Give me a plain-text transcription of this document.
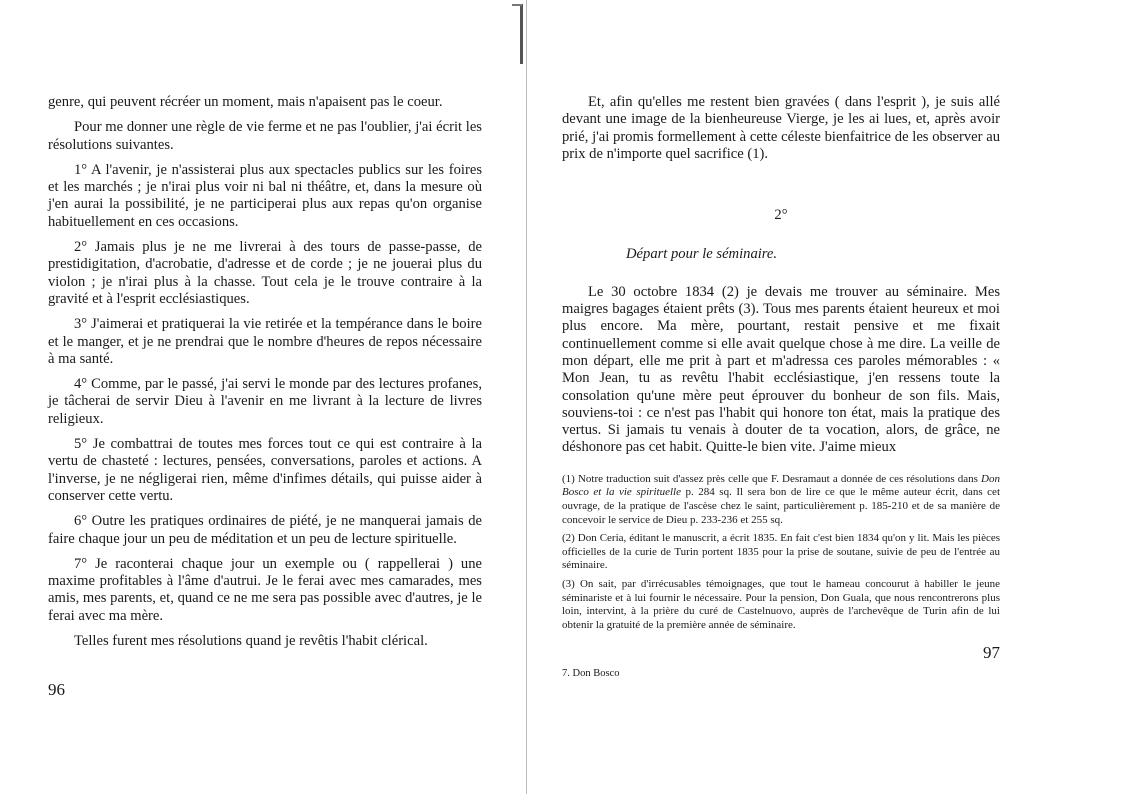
genre, qui peuvent récréer un moment, mais n'apaisent pas le coeur.

Pour me donner une règle de vie ferme et ne pas l'oublier, j'ai écrit les résolutions suivantes.

1° A l'avenir, je n'assisterai plus aux spectacles publics sur les foires et les marchés ; je n'irai plus voir ni bal ni théâtre, et, dans la mesure où j'en aurai la possibilité, je ne participerai plus aux repas qu'on organise habituellement en ces occasions.

2° Jamais plus je ne me livrerai à des tours de passe-passe, de prestidigitation, d'acrobatie, d'adresse et de corde ; je ne jouerai plus du violon ; je n'irai plus à la chasse. Tout cela je le trouve contraire à la gravité et à l'esprit ecclésiastiques.

3° J'aimerai et pratiquerai la vie retirée et la tempérance dans le boire et le manger, et je ne prendrai que le nombre d'heures de repos nécessaire à ma santé.

4° Comme, par le passé, j'ai servi le monde par des lectures profanes, je tâcherai de servir Dieu à l'avenir en me livrant à la lecture de livres religieux.

5° Je combattrai de toutes mes forces tout ce qui est contraire à la vertu de chasteté : lectures, pensées, conversations, paroles et actions. A l'inverse, je ne négligerai rien, même d'infimes détails, qui puisse aider à conserver cette vertu.

6° Outre les pratiques ordinaires de piété, je ne manquerai jamais de faire chaque jour un peu de méditation et un peu de lecture spirituelle.

7° Je raconterai chaque jour un exemple ou ( rappellerai ) une maxime profitables à l'âme d'autrui. Je le ferai avec mes camarades, mes amis, mes parents, et, quand ce ne me sera pas possible avec d'autres, je le ferai avec ma mère.

Telles furent mes résolutions quand je revêtis l'habit clérical.

96

Et, afin qu'elles me restent bien gravées ( dans l'esprit ), je suis allé devant une image de la bienheureuse Vierge, je les ai lues, et, après avoir prié, j'ai promis formellement à cette céleste bienfaitrice de les observer au prix de n'importe quel sacrifice (1).

2°

Départ pour le séminaire.

Le 30 octobre 1834 (2) je devais me trouver au séminaire. Mes maigres bagages étaient prêts (3). Tous mes parents étaient heureux et moi plus encore. Ma mère, pourtant, restait pensive et me fixait continuellement comme si elle avait quelque chose à me dire. La veille de mon départ, elle me prit à part et m'adressa ces paroles mémorables : « Mon Jean, tu as revêtu l'habit ecclésiastique, j'en ressens toute la consolation qu'une mère peut éprouver du bonheur de son fils. Mais, souviens-toi : ce n'est pas l'habit qui honore ton état, mais la pratique des vertus. Si jamais tu venais à douter de ta vocation, alors, de grâce, ne déshonore pas cet habit. Quitte-le bien vite. J'aime mieux

(1) Notre traduction suit d'assez près celle que F. Desramaut a donnée de ces résolutions dans Don Bosco et la vie spirituelle p. 284 sq. Il sera bon de lire ce que le même auteur écrit, dans cet ouvrage, de la pratique de l'ascèse chez le saint, particulièrement p. 185-210 et de sa manière de concevoir le service de Dieu p. 233-236 et 255 sq.

(2) Don Ceria, éditant le manuscrit, a écrit 1835. En fait c'est bien 1834 qu'on y lit. Mais les pièces officielles de la curie de Turin portent 1835 pour la prise de soutane, suivie de peu de l'entrée au séminaire.

(3) On sait, par d'irrécusables témoignages, que tout le hameau concourut à habiller le jeune séminariste et à lui fournir le nécessaire. Pour la pension, Don Guala, que nous rencontrerons plus loin, intervint, à la prière du curé de Castelnuovo, auprès de l'archevêque de Turin afin de lui obtenir la gratuité de la première année de séminaire.

97
7. Don Bosco
